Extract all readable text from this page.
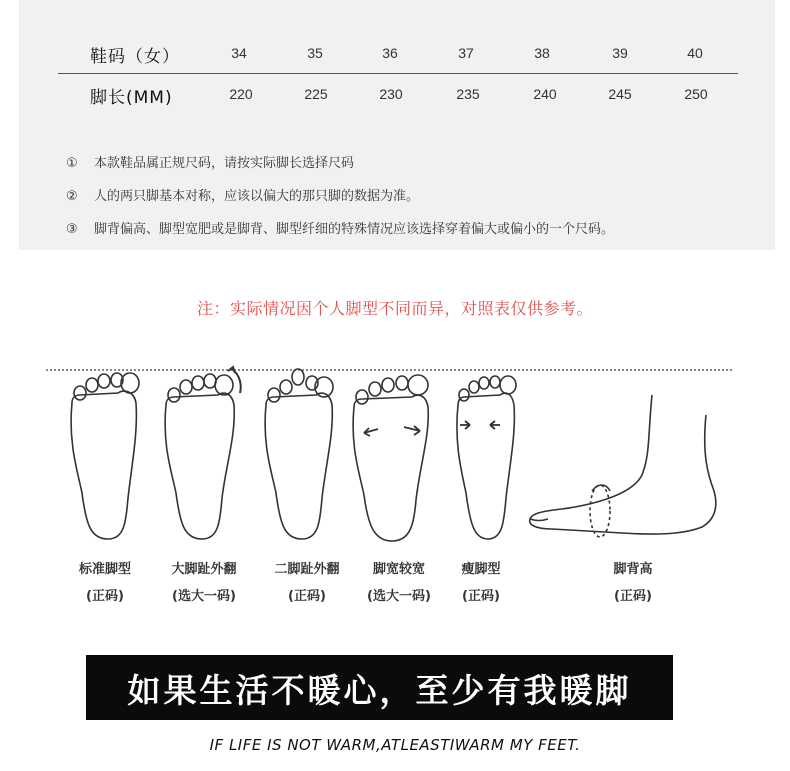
鞋码（女）	34	35	36	37	38	39	40
脚长(MM)	220	225	230	235	240	245	250
① 本款鞋品属正规尺码，请按实际脚长选择尺码
② 人的两只脚基本对称，应该以偏大的那只脚的数据为准。
③ 脚背偏高、脚型宽肥或是脚背、脚型纤细的特殊情况应该选择穿着偏大或偏小的一个尺码。
注：实际情况因个人脚型不同而异，对照表仅供参考。
标准脚型
(正码)
大脚趾外翻
(选大一码)
二脚趾外翻
(正码)
脚宽较宽
(选大一码)
瘦脚型
(正码)
脚背高
(正码)
如果生活不暖心，至少有我暖脚
IF LIFE IS NOT WARM,ATLEASTIWARM MY FEET.
